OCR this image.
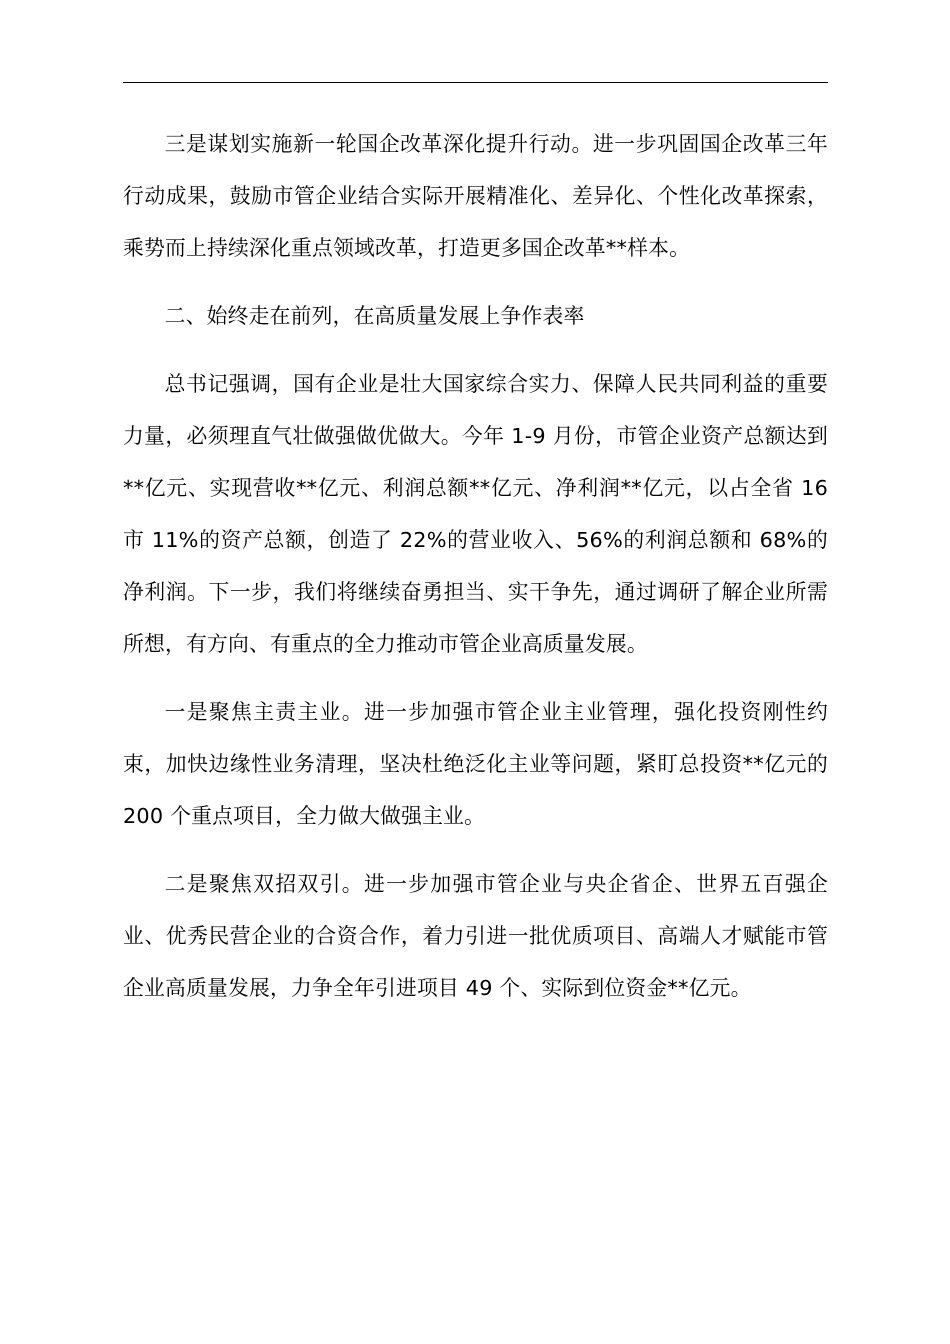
三是谋划实施新一轮国企改革深化提升行动。进一步巩固国企改革三年行动成果，鼓励市管企业结合实际开展精准化、差异化、个性化改革探索，乘势而上持续深化重点领域改革，打造更多国企改革**样本。

二、始终走在前列，在高质量发展上争作表率

总书记强调，国有企业是壮大国家综合实力、保障人民共同利益的重要力量，必须理直气壮做强做优做大。今年 1-9 月份，市管企业资产总额达到**亿元、实现营收**亿元、利润总额**亿元、净利润**亿元，以占全省 16 市 11%的资产总额，创造了 22%的营业收入、56%的利润总额和 68%的净利润。下一步，我们将继续奋勇担当、实干争先，通过调研了解企业所需所想，有方向、有重点的全力推动市管企业高质量发展。

一是聚焦主责主业。进一步加强市管企业主业管理，强化投资刚性约束，加快边缘性业务清理，坚决杜绝泛化主业等问题，紧盯总投资**亿元的 200 个重点项目，全力做大做强主业。

二是聚焦双招双引。进一步加强市管企业与央企省企、世界五百强企业、优秀民营企业的合资合作，着力引进一批优质项目、高端人才赋能市管企业高质量发展，力争全年引进项目 49 个、实际到位资金**亿元。
